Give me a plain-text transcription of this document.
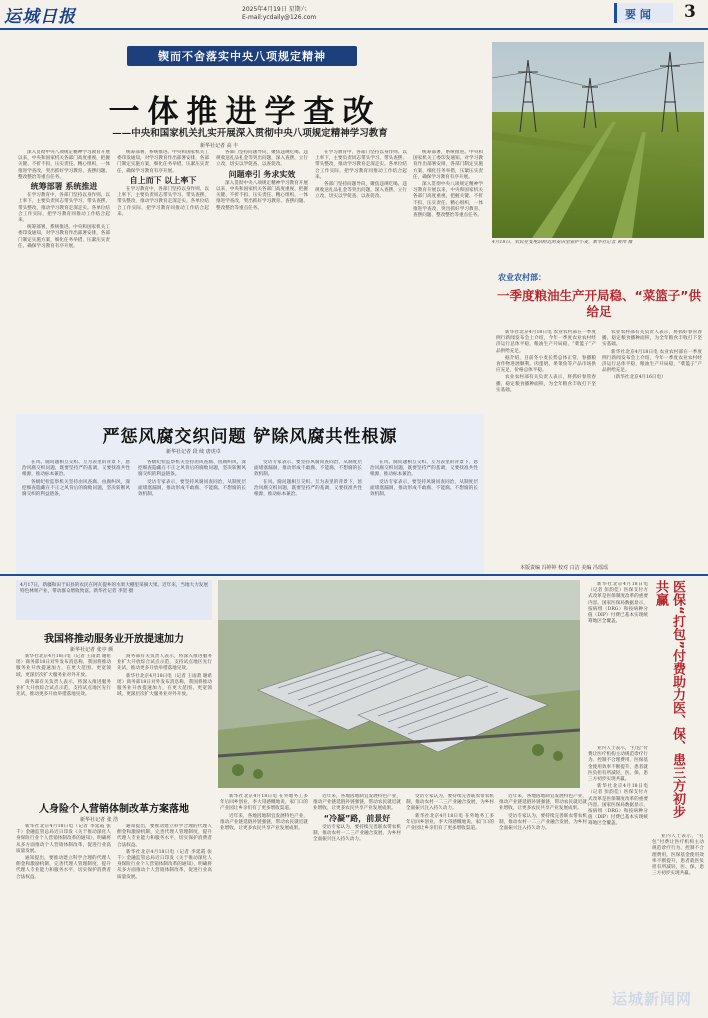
运城日报	2025年4月19日 星期六
E-mail:ycdaily@126.com	要 闻 3
锲而不舍落实中央八项规定精神
一体推进学查改
——中央和国家机关扎实开展深入贯彻中央八项规定精神学习教育
新华社记者 高 丰

深入贯彻中央八项规定精神学习教育开展以来，中央和国家机关各部门高度重视，把握关键、不折不扣，压实责任、精心组织，一体推进学查改，突出抓好学习教育、查摆问题、整改整治等重点任务。

统筹部署 系统推进

在学习教育中，各部门坚持以身作则、以上率下，主要负责同志带头学习、带头查摆、带头整改，推动学习教育走深走实。各单位结合工作实际，把学习教育同推动工作结合起来。

统筹部署，系统推进。中央和国家机关工委印发通知，对学习教育作出部署安排，各部门制定实施方案，细化任务举措，压紧压实责任，确保学习教育有序开展。

统筹部署，系统推进。中央和国家机关工委印发通知，对学习教育作出部署安排，各部门制定实施方案，细化任务举措，压紧压实责任，确保学习教育有序开展。

自上而下 以上率下

在学习教育中，各部门坚持以身作则、以上率下，主要负责同志带头学习、带头查摆、带头整改，推动学习教育走深走实。各单位结合工作实际，把学习教育同推动工作结合起来。

各部门坚持问题导向，聚焦违规吃喝、违规收送礼品礼金等突出问题，深入查摆，立行立改，切实以学促查、以查促改。

问题牵引 务求实效

深入贯彻中央八项规定精神学习教育开展以来，中央和国家机关各部门高度重视，把握关键、不折不扣，压实责任、精心组织，一体推进学查改，突出抓好学习教育、查摆问题、整改整治等重点任务。

在学习教育中，各部门坚持以身作则、以上率下，主要负责同志带头学习、带头查摆、带头整改，推动学习教育走深走实。各单位结合工作实际，把学习教育同推动工作结合起来。

各部门坚持问题导向，聚焦违规吃喝、违规收送礼品礼金等突出问题，深入查摆，立行立改，切实以学促查、以查促改。

统筹部署，系统推进。中央和国家机关工委印发通知，对学习教育作出部署安排，各部门制定实施方案，细化任务举措，压紧压实责任，确保学习教育有序开展。

深入贯彻中央八项规定精神学习教育开展以来，中央和国家机关各部门高度重视，把握关键、不折不扣，压实责任、精心组织，一体推进学查改，突出抓好学习教育、查摆问题、整改整治等重点任务。

严惩风腐交织问题 铲除风腐共性根源
新华社记者 段 续 唐虎卓

在风、腐问题相互交织、互为表里的背景下，惩治风腐交织问题，既要坚持严的基调，又要找准共性根源，推动标本兼治。

各级纪检监察机关坚持由风查腐、由腐纠风，深挖细查隐藏在不正之风背后的腐败问题，坚决斩断风腐交织的利益链条。

各级纪检监察机关坚持由风查腐、由腐纠风，深挖细查隐藏在不正之风背后的腐败问题，坚决斩断风腐交织的利益链条。

受访专家表示，要坚持风腐同查同治，从制度层面堵塞漏洞，推动形成不敢腐、不能腐、不想腐的长效机制。

受访专家表示，要坚持风腐同查同治，从制度层面堵塞漏洞，推动形成不敢腐、不能腐、不想腐的长效机制。

在风、腐问题相互交织、互为表里的背景下，惩治风腐交织问题，既要坚持严的基调，又要找准共性根源，推动标本兼治。

在风、腐问题相互交织、互为表里的背景下，惩治风腐交织问题，既要坚持严的基调，又要找准共性根源，推动标本兼治。

受访专家表示，要坚持风腐同查同治，从制度层面堵塞漏洞，推动形成不敢腐、不能腐、不想腐的长效机制。

4月18日，农民在变电站附近的麦田里管护小麦。新华社记者 黄伟 摄
农业农村部：
一季度粮油生产开局稳、“菜篮子”供给足

新华社北京4月18日电 农业农村部在一季度例行新闻发布会上介绍，今年一季度农业农村经济运行总体平稳，粮油生产开局稳，“菜篮子”产品供给充足。

据介绍，目前冬小麦长势总体正常，春播粮食作物进展顺利。肉蛋奶、果菜鱼等产品市场供应充足，价格总体平稳。

农业农村部有关负责人表示，将抓好春管春播，稳定粮食播种面积，为全年粮食丰收打下坚实基础。

农业农村部有关负责人表示，将抓好春管春播，稳定粮食播种面积，为全年粮食丰收打下坚实基础。

新华社北京4月18日电 农业农村部在一季度例行新闻发布会上介绍，今年一季度农业农村经济运行总体平稳，粮油生产开局稳，“菜篮子”产品供给充足。

（新华社北京4月16日电）

本版责编 冯婷婷 校对 白洁 美编 冯瑶瑶
4月17日，新疆和田于田县的农民在阿瓦提乡的水果大棚里采摘大果。近年来，当地大力发展特色林果产业，带动群众增收致富。新华社记者 李贺 摄
我国将推动服务业开放提速加力
新华社记者 张亭 颜

新华社北京4月18日电（记者 王雨萧 谢希瑶）商务部18日对外发布消息称，我国将推动服务业开放提速加力，在更大范围、更宽领域、更深层次扩大服务业对外开放。

商务部有关负责人表示，将深入推进服务业扩大开放综合试点示范，支持试点地区先行先试，推动更多开放举措落地见效。

商务部有关负责人表示，将深入推进服务业扩大开放综合试点示范，支持试点地区先行先试，推动更多开放举措落地见效。

新华社北京4月18日电（记者 王雨萧 谢希瑶）商务部18日对外发布消息称，我国将推动服务业开放提速加力，在更大范围、更宽领域、更深层次扩大服务业对外开放。

人身险个人营销体制改革方案落地
新华社记者 张 浩

新华社北京4月18日电（记者 李延霞 张千）金融监管总局近日印发《关于推动深化人身保险行业个人营销体制改革的通知》，明确将从多方面推动个人营销体制改革，促进行业高质量发展。

通知提出，要推动建立科学合理的代理人佣金和激励机制，完善代理人管理制度，提升代理人专业能力和服务水平，切实保护消费者合法权益。

通知提出，要推动建立科学合理的代理人佣金和激励机制，完善代理人管理制度，提升代理人专业能力和服务水平，切实保护消费者合法权益。

新华社北京4月18日电（记者 李延霞 张千）金融监管总局近日印发《关于推动深化人身保险行业个人营销体制改革的通知》，明确将从多方面推动个人营销体制改革，促进行业高质量发展。

新华社北京4月18日电 在外地务工多年后回乡创业，李大哥感慨地说，家门口的产业园让乡亲们有了更多增收渠道。

近年来，各地因地制宜发展特色产业，推动产业链延链补链强链，带动农民就近就业增收，让更多农民共享产业发展成果。

近年来，各地因地制宜发展特色产业，推动产业链延链补链强链，带动农民就近就业增收，让更多农民共享产业发展成果。

“冷凝”路，前景好

受访专家认为，要持续完善联农带农机制，推动农村一二三产业融合发展，为乡村全面振兴注入持久动力。

受访专家认为，要持续完善联农带农机制，推动农村一二三产业融合发展，为乡村全面振兴注入持久动力。

新华社北京4月18日电 在外地务工多年后回乡创业，李大哥感慨地说，家门口的产业园让乡亲们有了更多增收渠道。

近年来，各地因地制宜发展特色产业，推动产业链延链补链强链，带动农民就近就业增收，让更多农民共享产业发展成果。

受访专家认为，要持续完善联农带农机制，推动农村一二三产业融合发展，为乡村全面振兴注入持久动力。

新华社北京4月18日电（记者 彭韵佳）医保支付方式改革是医保制度改革的重要内容。国家医保局数据显示，按病组（DRG）和按病种分值（DIP）付费已基本实现统筹地区全覆盖。	医保“打包”付费助力医、保、患三方初步共赢

业内人士表示，“打包”付费让医疗机构主动规范诊疗行为、控制不合理费用，医保基金使用效率不断提升，患者就医负担有所减轻，医、保、患三方初步实现共赢。

新华社北京4月18日电（记者 彭韵佳）医保支付方式改革是医保制度改革的重要内容。国家医保局数据显示，按病组（DRG）和按病种分值（DIP）付费已基本实现统筹地区全覆盖。

业内人士表示，“打包”付费让医疗机构主动规范诊疗行为、控制不合理费用，医保基金使用效率不断提升，患者就医负担有所减轻，医、保、患三方初步实现共赢。

运城新闻网
